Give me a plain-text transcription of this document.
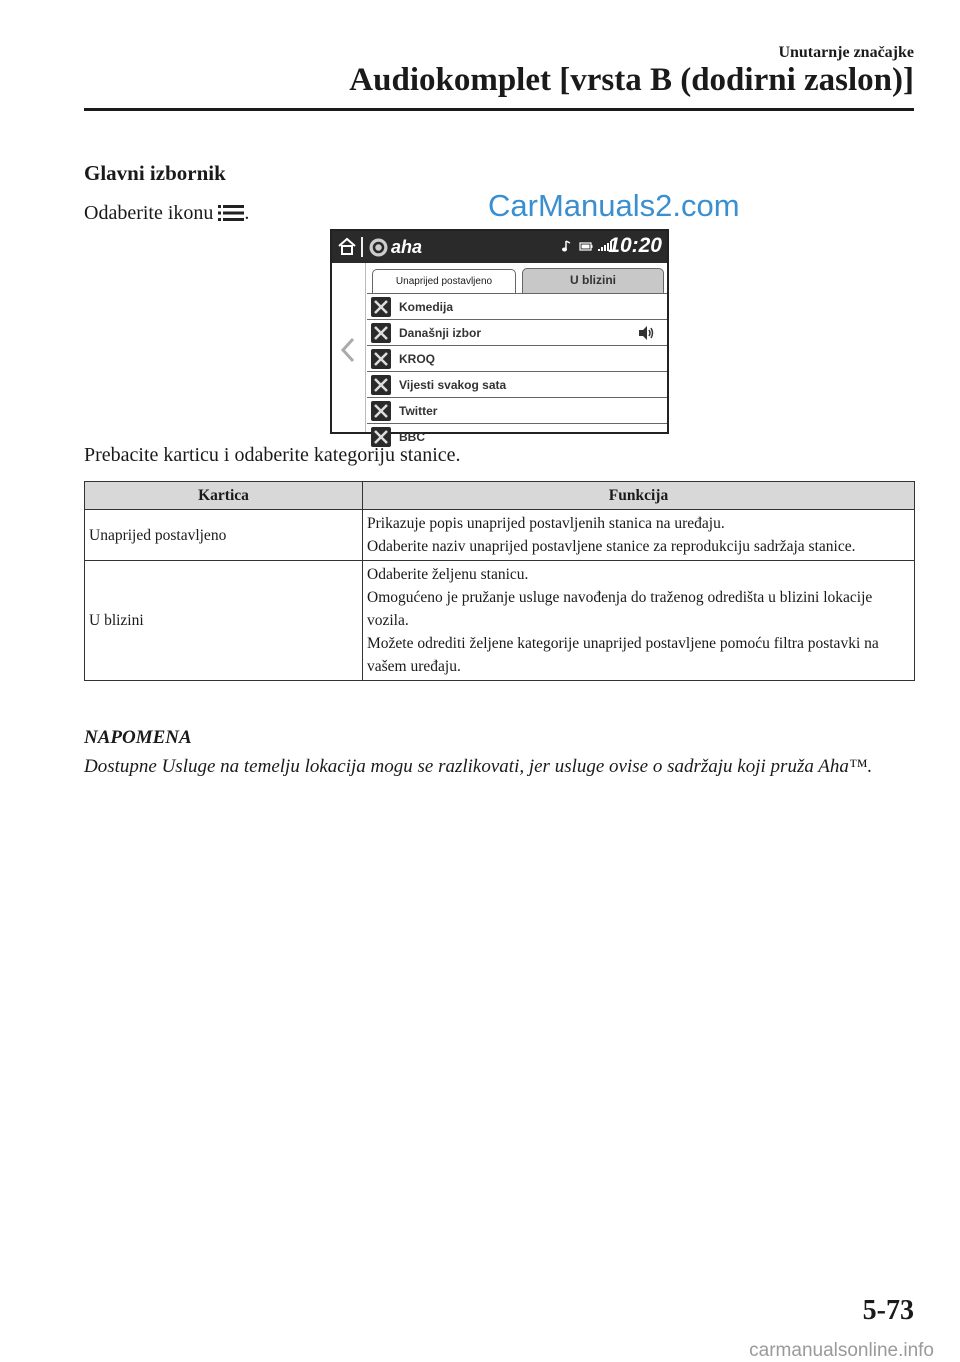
Unutarnje značajke
Audiokomplet [vrsta B (dodirni zaslon)]
Glavni izbornik
Odaberite ikonu .	CarManuals2.com
aha	10:20
Unaprijed postavljeno	U blizini
Komedija
Današnji izbor
KROQ
Vijesti svakog sata
Twitter
BBC
Prebacite karticu i odaberite kategoriju stanice.
Kartica	Funkcija
Unaprijed postavljeno	Prikazuje popis unaprijed postavljenih stanica na uređaju.
Odaberite naziv unaprijed postavljene stanice za reprodukciju sadržaja stanice.

U blizini	Odaberite željenu stanicu.
Omogućeno je pružanje usluge navođenja do traženog odredišta u blizini lokacije vozila.
Možete odrediti željene kategorije unaprijed postavljene pomoću filtra postavki na vašem uređaju.
NAPOMENA
Dostupne Usluge na temelju lokacija mogu se razlikovati, jer usluge ovise o sadržaju koji pruža Aha™.
5-73
carmanualsonline.info
